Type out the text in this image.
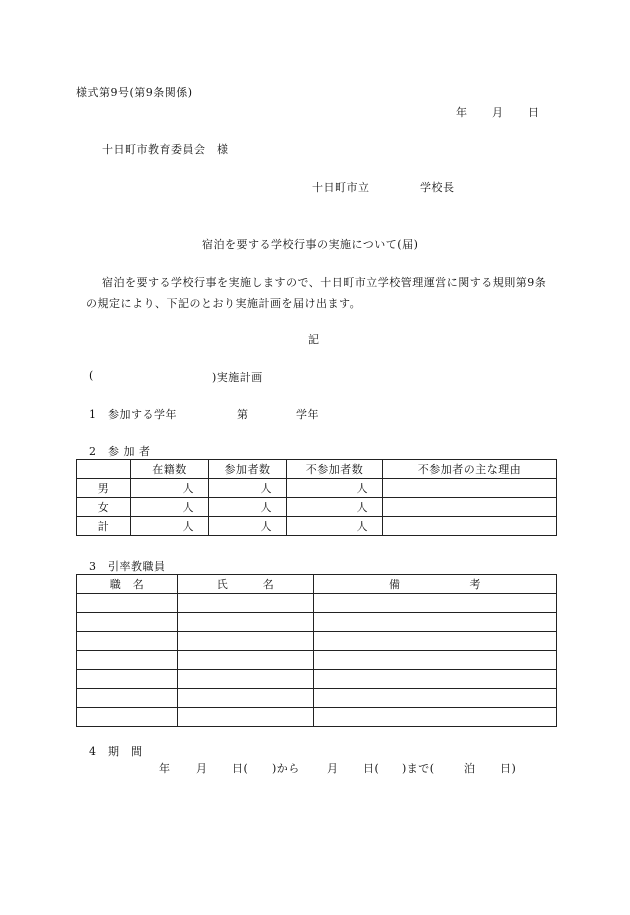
様式第9号(第9条関係)
年 月 日
十日町市教育委員会　様
十日町市立	学校長
宿泊を要する学校行事の実施について(届)
宿泊を要する学校行事を実施しますので、十日町市立学校管理運営に関する規則第9条の規定により、下記のとおり実施計画を届け出ます。
記
(	)実施計画
1　参加する学年	第	学年
2　参 加 者
	在籍数	参加者数	不参加者数	不参加者の主な理由
男	人	人	人	
女	人	人	人	
計	人	人	人	
3　引率教職員
職　名	氏　　　名	備　　　　　　考

4　期　間
年 月 日( )から 月 日( )まで(	泊 日)
